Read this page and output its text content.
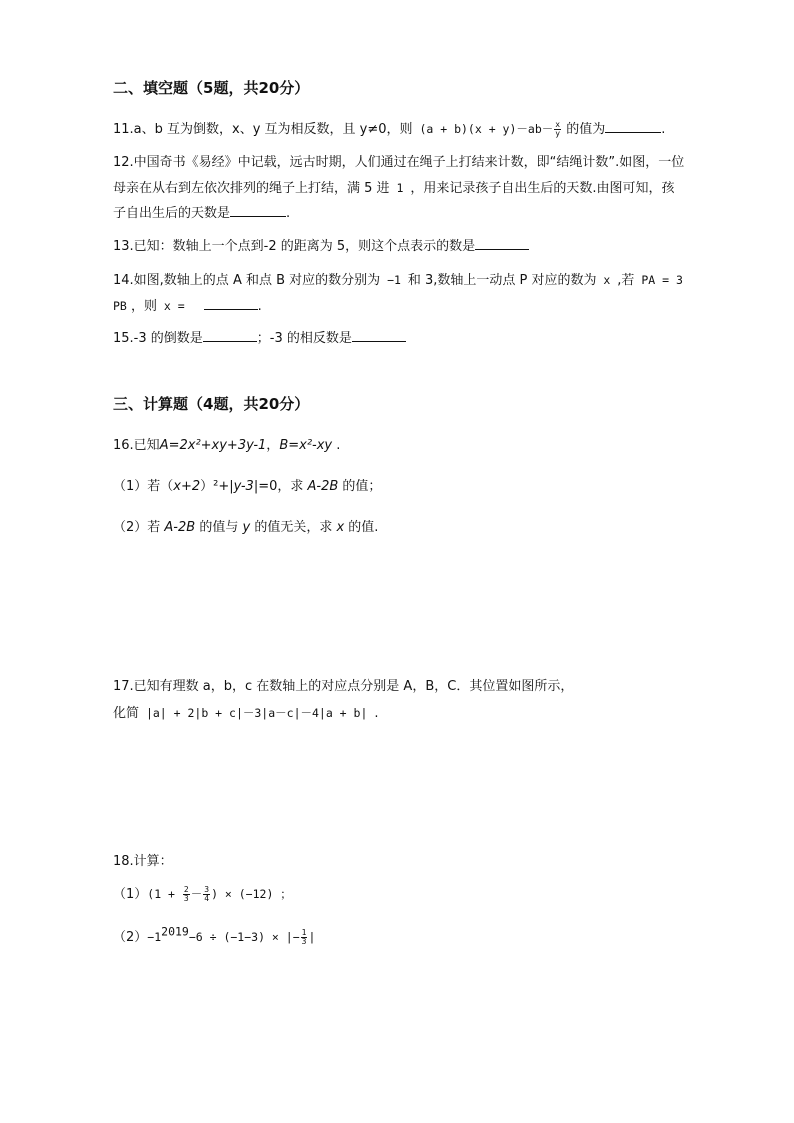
二、填空题（5题，共20分）
11.a、b 互为倒数，x、y 互为相反数，且 y≠0，则 $(a + b)(x + y)-ab- \frac{x}{y}$ 的值为	.
12.中国奇书《易经》中记载，远古时期，人们通过在绳子上打结来计数，即“结绳计数”.如图，一位
母亲在从右到左依次排列的绳子上打结，满 5 进 1 ，用来记录孩子自出生后的天数.由图可知，孩
子自出生后的天数是	.
13.已知：数轴上一个点到-2 的距离为 5，则这个点表示的数是
14.如图,数轴上的点 A 和点 B 对应的数分别为 −1 和 3,数轴上一动点 P 对应的数为 x ,若 PA = 3
PB ，则 x =	.
15.-3 的倒数是	；-3 的相反数是
三、计算题（4题，共20分）
16.已知A=2x²+xy+3y-1，B=x²-xy .
（1）若（x+2）²+|y-3|=0，求 A-2B 的值；
（2）若 A-2B 的值与 y 的值无关，求 x 的值.
17.已知有理数 a，b，c 在数轴上的对应点分别是 A，B，C．其位置如图所示，
化简 |a| + 2|b + c|－3|a－c|－4|a + b| .
18.计算：
$(1)(1 + \frac{2}{3} - \frac{3}{4}$ ) × (−12) ；
$(2)-1^{2019}-6 \div (-1-3)$ × |− $\frac{1}{3}$ |
